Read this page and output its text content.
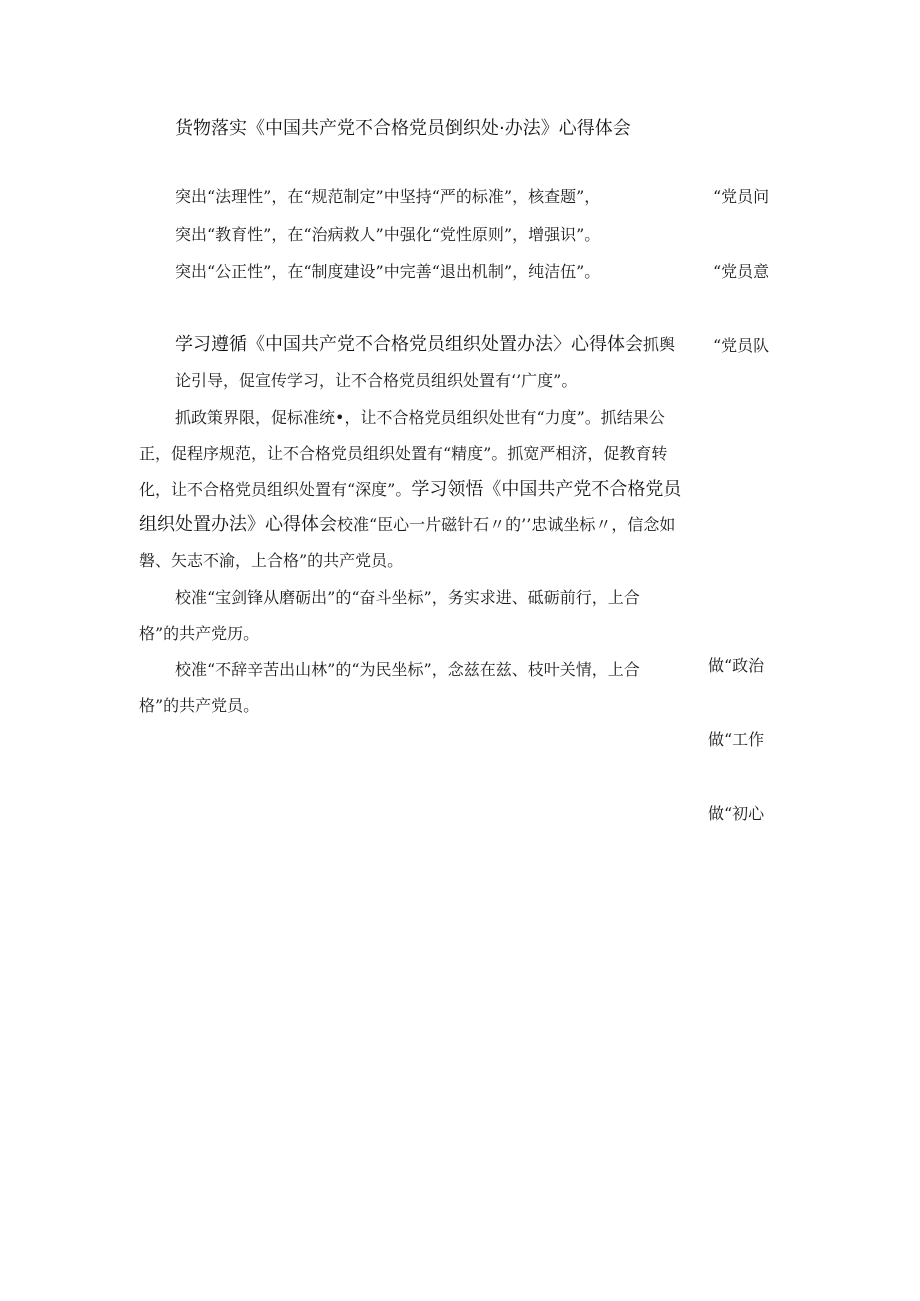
货物落实《中国共产党不合格党员倒织处·办法》心得体会
突出“法理性”，在“规范制定”中坚持“严的标准”，核查题”，
突出“教育性”，在“治病救人”中强化“党性原则”，增强识”。
突出“公正性”，在“制度建设”中完善“退出机制”，纯洁伍”。
学习遵循《中国共产党不合格党员组织处置办法〉心得体会抓舆
论引导，促宣传学习，让不合格党员组织处置有‘’广度”。
抓政策界限，促标准统•，让不合格党员组织处世有“力度”。抓结果公
正，促程序规范，让不合格党员组织处置有“精度”。抓宽严相济，促教育转
化，让不合格党员组织处置有“深度”。学习领悟《中国共产党不合格党员
组织处置办法》心得体会校准“臣心一片磁针石〃的’’忠诚坐标〃，信念如
磐、矢志不渝，上合格”的共产党员。
校准“宝剑锋从磨砺出”的“奋斗坐标”，务实求进、砥砺前行，上合
格”的共产党历。
校准“不辞辛苦出山林”的“为民坐标”，念兹在兹、枝叶关情，上合
格”的共产党员。
“党员问
“党员意
“党员队
做“政治
做“工作
做“初心
